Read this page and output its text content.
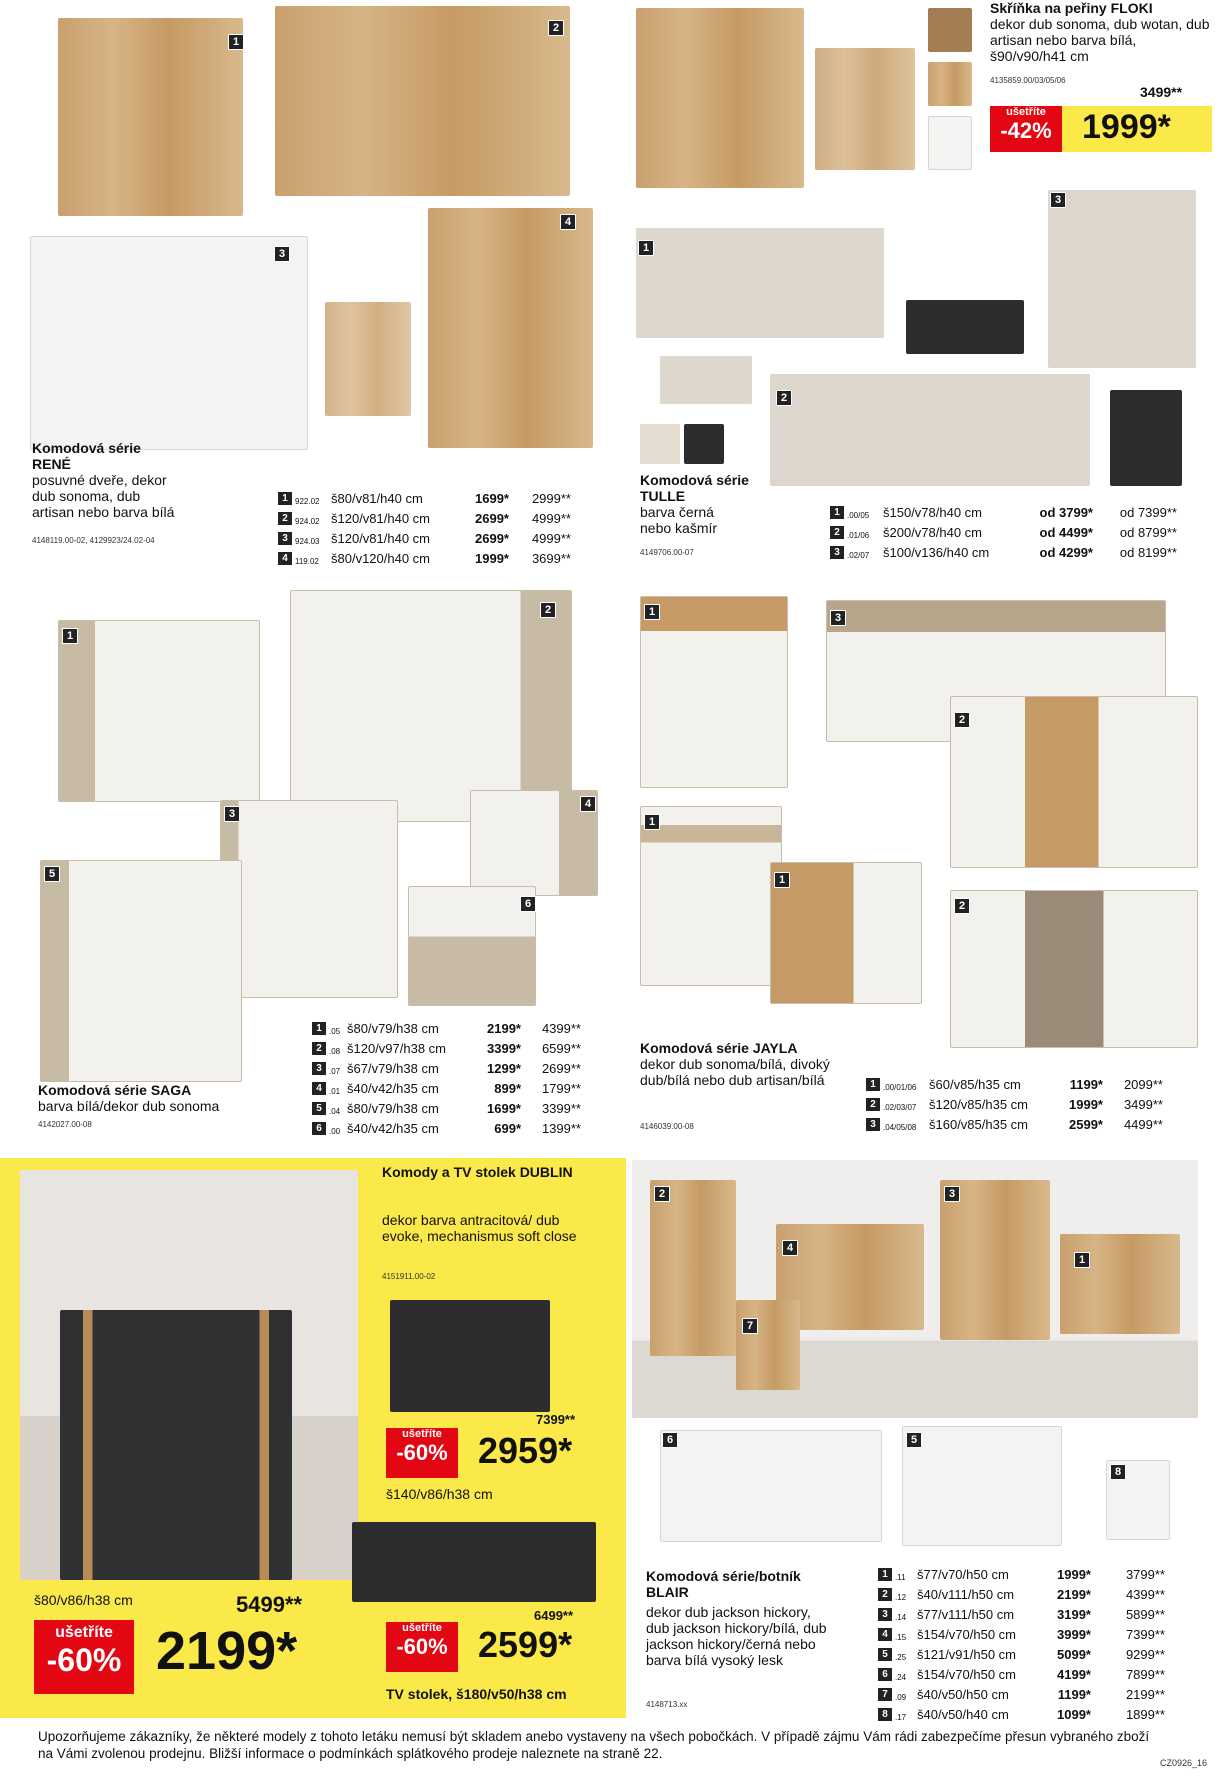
Skříňka na peřiny FLOKI
dekor dub sonoma, dub wotan, dub artisan nebo barva bílá, š90/v90/h41 cm
4135859.00/03/05/06
3499**
ušetříte
-42% 1999*
1
2
3
4
Komodová série RENÉ
posuvné dveře, dekor dub sonoma, dub artisan nebo barva bílá
4148119.00-02, 4129923/24.02-04
1 922.02 š80/v81/h40 cm	1699*	2999**
2 924.02 š120/v81/h40 cm	2699*	4999**
3 924.03 š120/v81/h40 cm	2699*	4999**
4 119.02 š80/v120/h40 cm	1999*	3699**
1
3
2
Komodová série TULLE
barva černá nebo kašmír
4149706.00-07
1 .00/05	š150/v78/h40 cm	od 3799*	od 7399**
2 .01/06	š200/v78/h40 cm	od 4499*	od 8799**
3 .02/07	š100/v136/h40 cm	od 4299*	od 8199**
1
2
3
4
5
6
Komodová série SAGA
barva bílá/dekor dub sonoma
4142027.00-08
1 .05 š80/v79/h38 cm	2199*	4399**
2 .08 š120/v97/h38 cm	3399*	6599**
3 .07 š67/v79/h38 cm	1299*	2699**
4 .01 š40/v42/h35 cm	899*	1799**
5 .04 š80/v79/h38 cm	1699*	3399**
6 .00 š40/v42/h35 cm	699*	1399**
1	3
2
1
1
2
Komodová série JAYLA
dekor dub sonoma/bílá, divoký dub/bílá nebo dub artisan/bílá
4146039.00-08
1 .00/01/06 š60/v85/h35 cm	1199*	2099**
2 .02/03/07 š120/v85/h35 cm	1999*	3499**
3 .04/05/08 š160/v85/h35 cm	2599*	4499**
Komody a TV stolek DUBLIN
dekor barva antracitová/ dub evoke, mechanismus soft close
4151911.00-02
7399**
ušetříte
-60% 2959*
š140/v86/h38 cm
š80/v86/h38 cm	5499**
ušetříte
-60% 2199*
6499**
ušetříte
-60% 2599*
TV stolek, š180/v50/h38 cm
2
4
3
1
7
6	5
8
Komodová série/botník BLAIR
dekor dub jackson hickory, dub jackson hickory/bílá, dub jackson hickory/černá nebo barva bílá vysoký lesk
4148713.xx
1 .11 š77/v70/h50 cm	1999*	3799**
2 .12 š40/v111/h50 cm	2199*	4399**
3 .14 š77/v111/h50 cm	3199*	5899**
4 .15 š154/v70/h50 cm	3999*	7399**
5 .25 š121/v91/h50 cm	5099*	9299**
6 .24 š154/v70/h50 cm	4199*	7899**
7 .09 š40/v50/h50 cm	1199*	2199**
8 .17 š40/v50/h40 cm	1099*	1899**
Upozorňujeme zákazníky, že některé modely z tohoto letáku nemusí být skladem anebo vystaveny na všech pobočkách. V případě zájmu Vám rádi zabezpečíme přesun vybraného zboží na Vámi zvolenou prodejnu. Bližší informace o podmínkách splátkového prodeje naleznete na straně 22.
CZ0926_16
